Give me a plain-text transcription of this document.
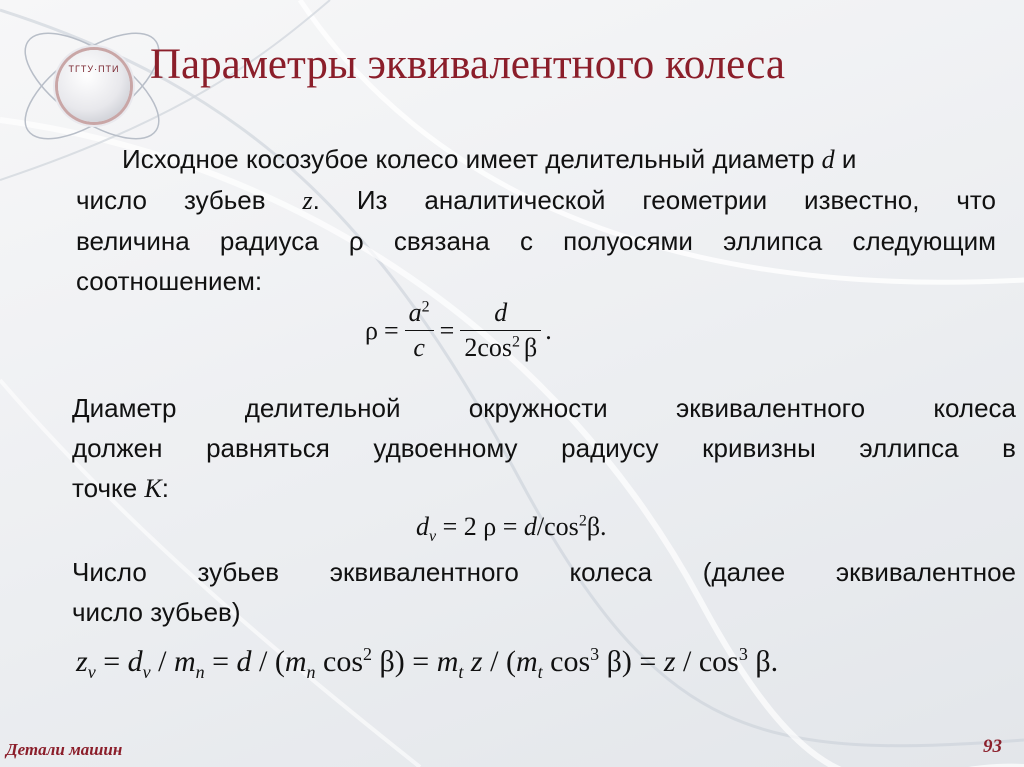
ТГТУ·ПТИ Параметры эквивалентного колеса
Исходное косозубое колесо имеет делительный диаметр d и
число зубьев z. Из аналитической геометрии известно, что
величина радиуса ρ связана с полуосями эллипса следующим
соотношением:
$\rho = \frac{a^2}{c} = \frac{d}{2\cos^2 \beta}$ .
Диаметр делительной окружности эквивалентного колеса
должен равняться удвоенному радиусу кривизны эллипса в
точке K:
$d_v = 2$ $\rho = d/\cos^2\beta$.
Число зубьев эквивалентного колеса (далее эквивалентное
число зубьев)
$z_v = d_v / m_n = d / (m_n$ $\cos^2 \beta) = m_t$ z / ($m_t$ $\cos^3 \beta) = z / \cos^3 \beta$.
Детали машин	93
